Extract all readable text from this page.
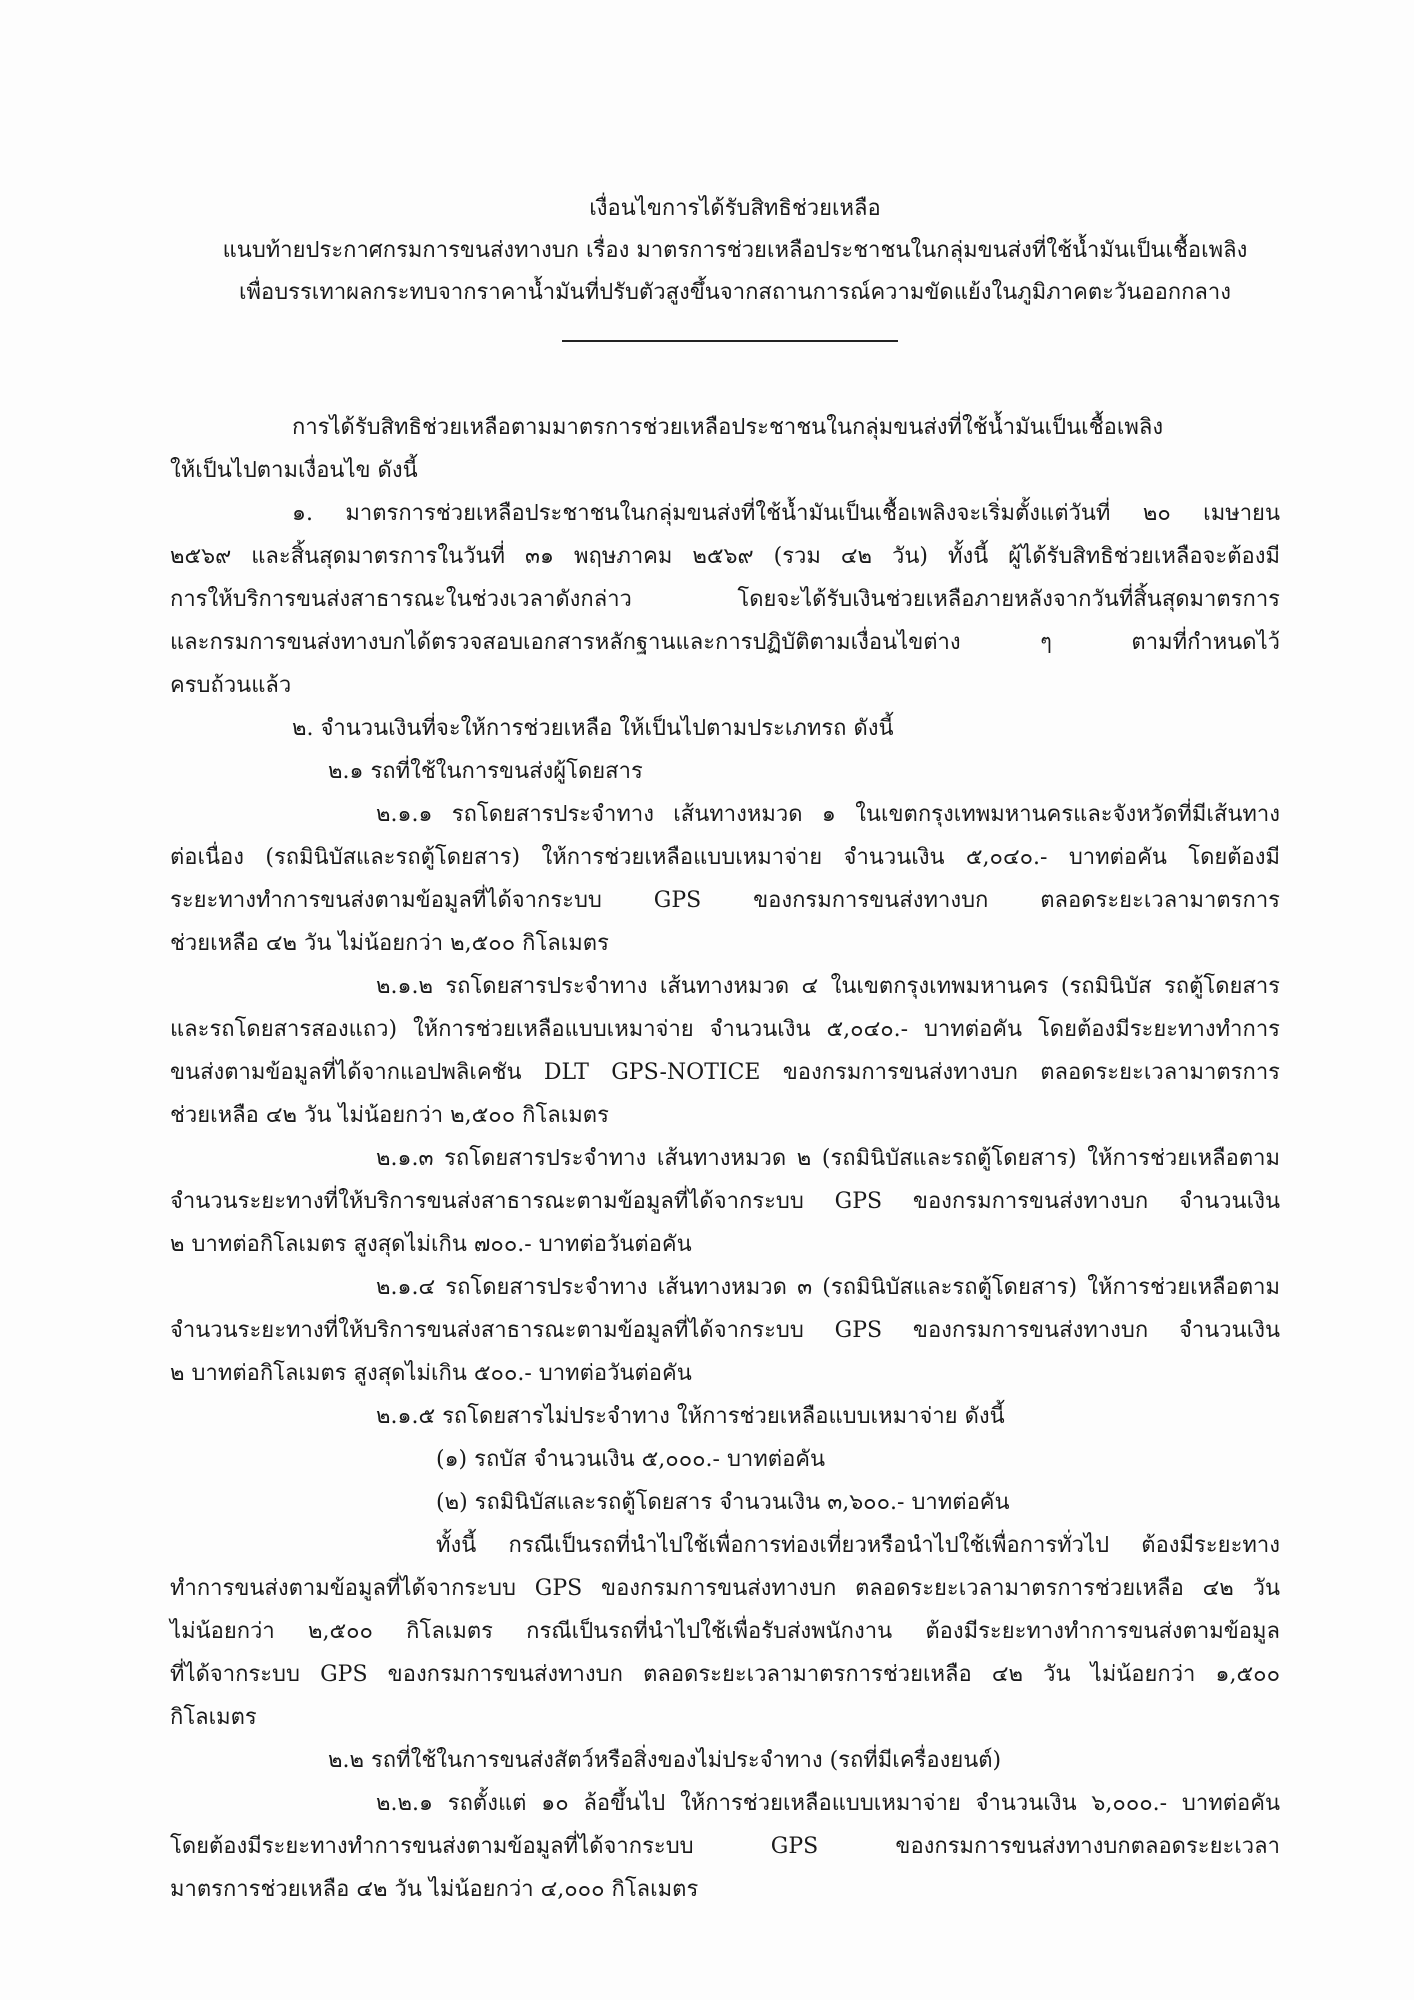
เงื่อนไขการได้รับสิทธิช่วยเหลือ
แนบท้ายประกาศกรมการขนส่งทางบก เรื่อง มาตรการช่วยเหลือประชาชนในกลุ่มขนส่งที่ใช้น้ำมันเป็นเชื้อเพลิง
เพื่อบรรเทาผลกระทบจากราคาน้ำมันที่ปรับตัวสูงขึ้นจากสถานการณ์ความขัดแย้งในภูมิภาคตะวันออกกลาง
การได้รับสิทธิช่วยเหลือตามมาตรการช่วยเหลือประชาชนในกลุ่มขนส่งที่ใช้น้ำมันเป็นเชื้อเพลิง
ให้เป็นไปตามเงื่อนไข ดังนี้
๑. มาตรการช่วยเหลือประชาชนในกลุ่มขนส่งที่ใช้น้ำมันเป็นเชื้อเพลิงจะเริ่มตั้งแต่วันที่ ๒๐ เมษายน
๒๕๖๙ และสิ้นสุดมาตรการในวันที่ ๓๑ พฤษภาคม ๒๕๖๙ (รวม ๔๒ วัน) ทั้งนี้ ผู้ได้รับสิทธิช่วยเหลือจะต้องมี
การให้บริการขนส่งสาธารณะในช่วงเวลาดังกล่าว โดยจะได้รับเงินช่วยเหลือภายหลังจากวันที่สิ้นสุดมาตรการ
และกรมการขนส่งทางบกได้ตรวจสอบเอกสารหลักฐานและการปฏิบัติตามเงื่อนไขต่าง ๆ ตามที่กำหนดไว้
ครบถ้วนแล้ว
๒. จำนวนเงินที่จะให้การช่วยเหลือ ให้เป็นไปตามประเภทรถ ดังนี้
๒.๑ รถที่ใช้ในการขนส่งผู้โดยสาร
๒.๑.๑ รถโดยสารประจำทาง เส้นทางหมวด ๑ ในเขตกรุงเทพมหานครและจังหวัดที่มีเส้นทาง
ต่อเนื่อง (รถมินิบัสและรถตู้โดยสาร) ให้การช่วยเหลือแบบเหมาจ่าย จำนวนเงิน ๕,๐๔๐.- บาทต่อคัน โดยต้องมี
ระยะทางทำการขนส่งตามข้อมูลที่ได้จากระบบ GPS ของกรมการขนส่งทางบก ตลอดระยะเวลามาตรการ
ช่วยเหลือ ๔๒ วัน ไม่น้อยกว่า ๒,๕๐๐ กิโลเมตร
๒.๑.๒ รถโดยสารประจำทาง เส้นทางหมวด ๔ ในเขตกรุงเทพมหานคร (รถมินิบัส รถตู้โดยสาร
และรถโดยสารสองแถว) ให้การช่วยเหลือแบบเหมาจ่าย จำนวนเงิน ๕,๐๔๐.- บาทต่อคัน โดยต้องมีระยะทางทำการ
ขนส่งตามข้อมูลที่ได้จากแอปพลิเคชัน DLT GPS-NOTICE ของกรมการขนส่งทางบก ตลอดระยะเวลามาตรการ
ช่วยเหลือ ๔๒ วัน ไม่น้อยกว่า ๒,๕๐๐ กิโลเมตร
๒.๑.๓ รถโดยสารประจำทาง เส้นทางหมวด ๒ (รถมินิบัสและรถตู้โดยสาร) ให้การช่วยเหลือตาม
จำนวนระยะทางที่ให้บริการขนส่งสาธารณะตามข้อมูลที่ได้จากระบบ GPS ของกรมการขนส่งทางบก จำนวนเงิน
๒ บาทต่อกิโลเมตร สูงสุดไม่เกิน ๗๐๐.- บาทต่อวันต่อคัน
๒.๑.๔ รถโดยสารประจำทาง เส้นทางหมวด ๓ (รถมินิบัสและรถตู้โดยสาร) ให้การช่วยเหลือตาม
จำนวนระยะทางที่ให้บริการขนส่งสาธารณะตามข้อมูลที่ได้จากระบบ GPS ของกรมการขนส่งทางบก จำนวนเงิน
๒ บาทต่อกิโลเมตร สูงสุดไม่เกิน ๕๐๐.- บาทต่อวันต่อคัน
๒.๑.๕ รถโดยสารไม่ประจำทาง ให้การช่วยเหลือแบบเหมาจ่าย ดังนี้
(๑) รถบัส จำนวนเงิน ๕,๐๐๐.- บาทต่อคัน
(๒) รถมินิบัสและรถตู้โดยสาร จำนวนเงิน ๓,๖๐๐.- บาทต่อคัน
ทั้งนี้ กรณีเป็นรถที่นำไปใช้เพื่อการท่องเที่ยวหรือนำไปใช้เพื่อการทั่วไป ต้องมีระยะทาง
ทำการขนส่งตามข้อมูลที่ได้จากระบบ GPS ของกรมการขนส่งทางบก ตลอดระยะเวลามาตรการช่วยเหลือ ๔๒ วัน
ไม่น้อยกว่า ๒,๕๐๐ กิโลเมตร กรณีเป็นรถที่นำไปใช้เพื่อรับส่งพนักงาน ต้องมีระยะทางทำการขนส่งตามข้อมูล
ที่ได้จากระบบ GPS ของกรมการขนส่งทางบก ตลอดระยะเวลามาตรการช่วยเหลือ ๔๒ วัน ไม่น้อยกว่า ๑,๕๐๐
กิโลเมตร
๒.๒ รถที่ใช้ในการขนส่งสัตว์หรือสิ่งของไม่ประจำทาง (รถที่มีเครื่องยนต์)
๒.๒.๑ รถตั้งแต่ ๑๐ ล้อขึ้นไป ให้การช่วยเหลือแบบเหมาจ่าย จำนวนเงิน ๖,๐๐๐.- บาทต่อคัน
โดยต้องมีระยะทางทำการขนส่งตามข้อมูลที่ได้จากระบบ GPS ของกรมการขนส่งทางบกตลอดระยะเวลา
มาตรการช่วยเหลือ ๔๒ วัน ไม่น้อยกว่า ๔,๐๐๐ กิโลเมตร
